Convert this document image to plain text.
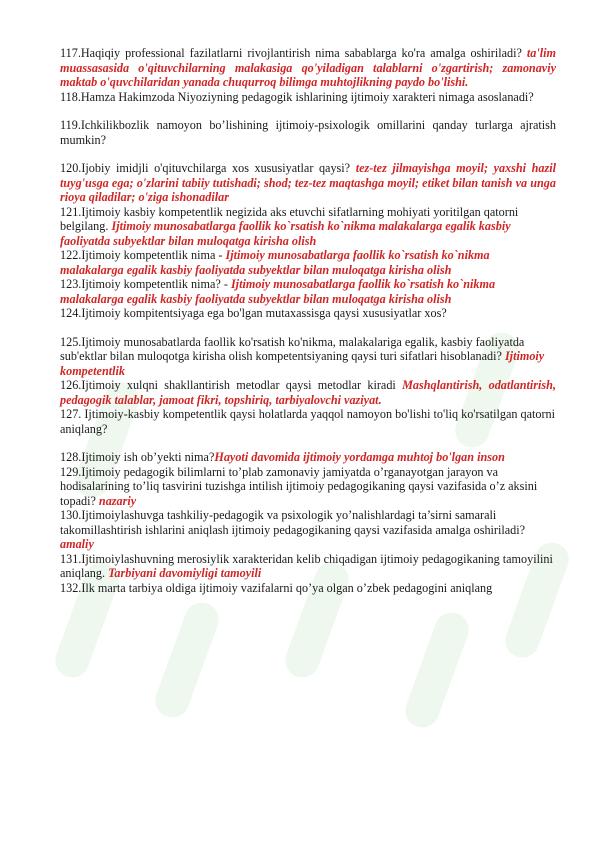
117.Haqiqiy professional fazilatlarni rivojlantirish nima sabablarga ko'ra amalga oshiriladi? ta'lim muassasasida o'qituvchilarning malakasiga qo'yiladigan talablarni o'zgartirish; zamonaviy maktab o'quvchilaridan yanada chuqurroq bilimga muhtojlikning paydo bo'lishi.

118.Hamza Hakimzoda Niyoziyning pedagogik ishlarining ijtimoiy xarakteri nimaga asoslanadi?

119.Ichkilikbozlik namoyon bo’lishining ijtimoiy-psixologik omillarini qanday turlarga ajratish mumkin?

120.Ijobiy imidjli o'qituvchilarga xos xususiyatlar qaysi? tez-tez jilmayishga moyil; yaxshi hazil tuyg'usga ega; o'zlarini tabiiy tutishadi; shod; tez-tez maqtashga moyil; etiket bilan tanish va unga rioya qiladilar; o'ziga ishonadilar

121.Ijtimoiy kasbiy kompetentlik negizida aks etuvchi sifatlarning mohiyati yoritilgan qatorni belgilang. Ijtimoiy munosabatlarga faollik ko`rsatish ko`nikma malakalarga egalik kasbiy faoliyatda subyektlar bilan muloqatga kirisha olish

122.Ijtimoiy kompetentlik nima - Ijtimoiy munosabatlarga faollik ko`rsatish ko`nikma malakalarga egalik kasbiy faoliyatda subyektlar bilan muloqatga kirisha olish

123.Ijtimoiy kompetentlik nima? - Ijtimoiy munosabatlarga faollik ko`rsatish ko`nikma malakalarga egalik kasbiy faoliyatda subyektlar bilan muloqatga kirisha olish

124.Ijtimoiy kompitentsiyaga ega bo'lgan mutaxassisga qaysi xususiyatlar xos?

125.Ijtimoiy munosabatlarda faollik ko'rsatish ko'nikma, malakalariga egalik, kasbiy faoliyatda sub'ektlar bilan muloqotga kirisha olish kompetentsiyaning qaysi turi sifatlari hisoblanadi? Ijtimoiy kompetentlik

126.Ijtimoiy xulqni shakllantirish metodlar qaysi metodlar kiradi Mashqlantirish, odatlantirish, pedagogik talablar, jamoat fikri, topshiriq, tarbiyalovchi vaziyat.

127. Ijtimoiy-kasbiy kompetentlik qaysi holatlarda yaqqol namoyon bo'lishi to'liq ko'rsatilgan qatorni aniqlang?

128.Ijtimoiy ish ob’yekti nima?Hayoti davomida ijtimoiy yordamga muhtoj bo'lgan inson

129.Ijtimoiy pedagogik bilimlarni to’plab zamonaviy jamiyatda o’rganayotgan jarayon va hodisalarining to’liq tasvirini tuzishga intilish ijtimoiy pedagogikaning qaysi vazifasida o’z aksini topadi? nazariy

130.Ijtimoiylashuvga tashkiliy-pedagogik va psixologik yo’nalishlardagi ta’sirni samarali takomillashtirish ishlarini aniqlash ijtimoiy pedagogikaning qaysi vazifasida amalga oshiriladi? amaliy

131.Ijtimoiylashuvning merosiylik xarakteridan kelib chiqadigan ijtimoiy pedagogikaning tamoyilini aniqlang. Tarbiyani davomiyligi tamoyili

132.Ilk marta tarbiya oldiga ijtimoiy vazifalarni qo’ya olgan o’zbek pedagogini aniqlang
